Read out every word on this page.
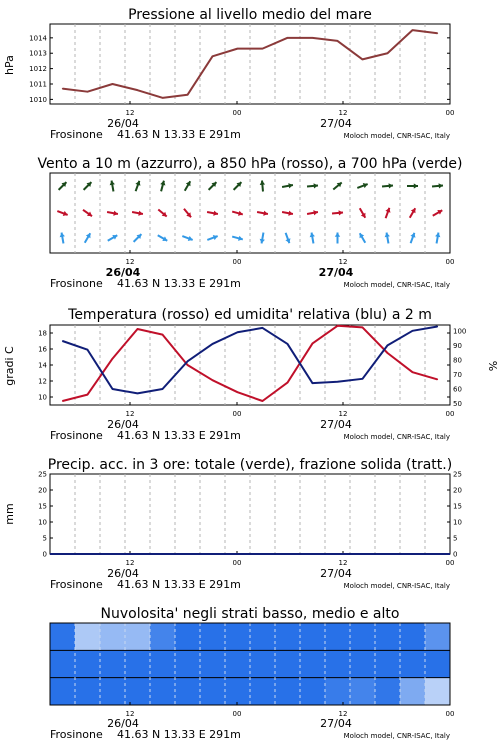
Pressione al livello medio del mare
hPa
1010
1011
1012
1013
1014
12	00	12	00
26/04	27/04
Frosinone 41.63 N 13.33 E 291m	Moloch model, CNR-ISAC, Italy
Vento a 10 m (azzurro), a 850 hPa (rosso), a 700 hPa (verde)
12	00	12	00
26/04	27/04
Frosinone 41.63 N 13.33 E 291m	Moloch model, CNR-ISAC, Italy
Temperatura (rosso) ed umidita' relativa (blu) a 2 m
gradi C	%
10
12
14
16
18
50
60
70
80
90
100
12	00	12	00
26/04	27/04
Frosinone 41.63 N 13.33 E 291m	Moloch model, CNR-ISAC, Italy
Precip. acc. in 3 ore: totale (verde), frazione solida (tratt.)
mm
0
5
10
15
20
25
0
5
10
15
20
25
12	00	12	00
26/04	27/04
Frosinone 41.63 N 13.33 E 291m	Moloch model, CNR-ISAC, Italy
Nuvolosita' negli strati basso, medio e alto
12	00	12	00
26/04	27/04
Frosinone 41.63 N 13.33 E 291m	Moloch model, CNR-ISAC, Italy
